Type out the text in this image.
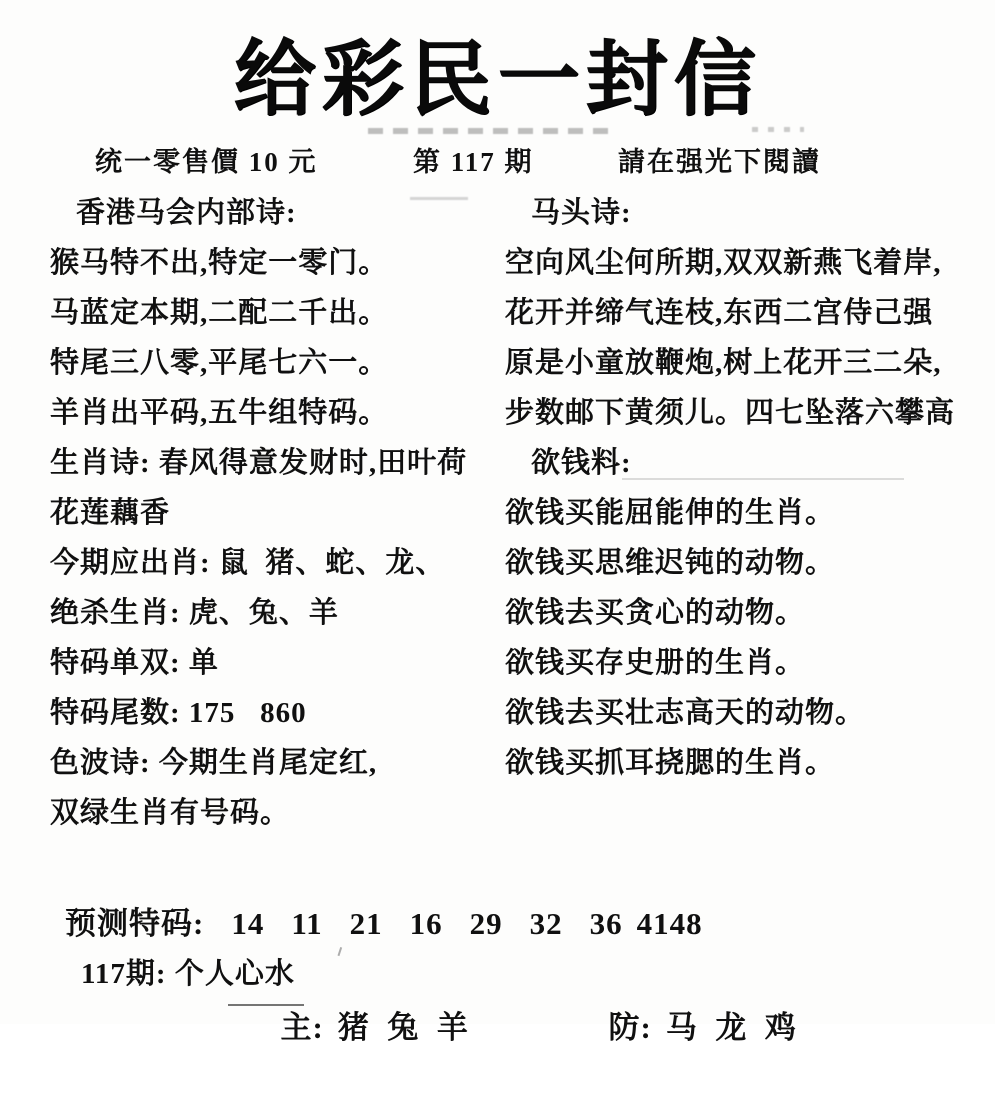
给彩民一封信
统一零售價 10 元	第 117 期	請在强光下閱讀
香港马会内部诗:
猴马特不出,特定一零门。
马蓝定本期,二配二千出。
特尾三八零,平尾七六一。
羊肖出平码,五牛组特码。
生肖诗: 春风得意发财时,田叶荷
花莲藕香
今期应出肖: 鼠  猪、蛇、龙、
绝杀生肖: 虎、兔、羊
特码单双: 单
特码尾数: 175   860
色波诗: 今期生肖尾定红,
双绿生肖有号码。
马头诗:
空向风尘何所期,双双新燕飞着岸,
花开并缔气连枝,东西二宫侍己强
原是小童放鞭炮,树上花开三二朵,
步数邮下黄须儿。四七坠落六攀高
欲钱料:
欲钱买能屈能伸的生肖。
欲钱买思维迟钝的动物。
欲钱去买贪心的动物。
欲钱买存史册的生肖。
欲钱去买壮志高天的动物。
欲钱买抓耳挠腮的生肖。

预测特码: 14 11 21 16 29 32 36 4148

117期: 个人心水

主: 猪  兔  羊

	防: 马  龙  鸡
